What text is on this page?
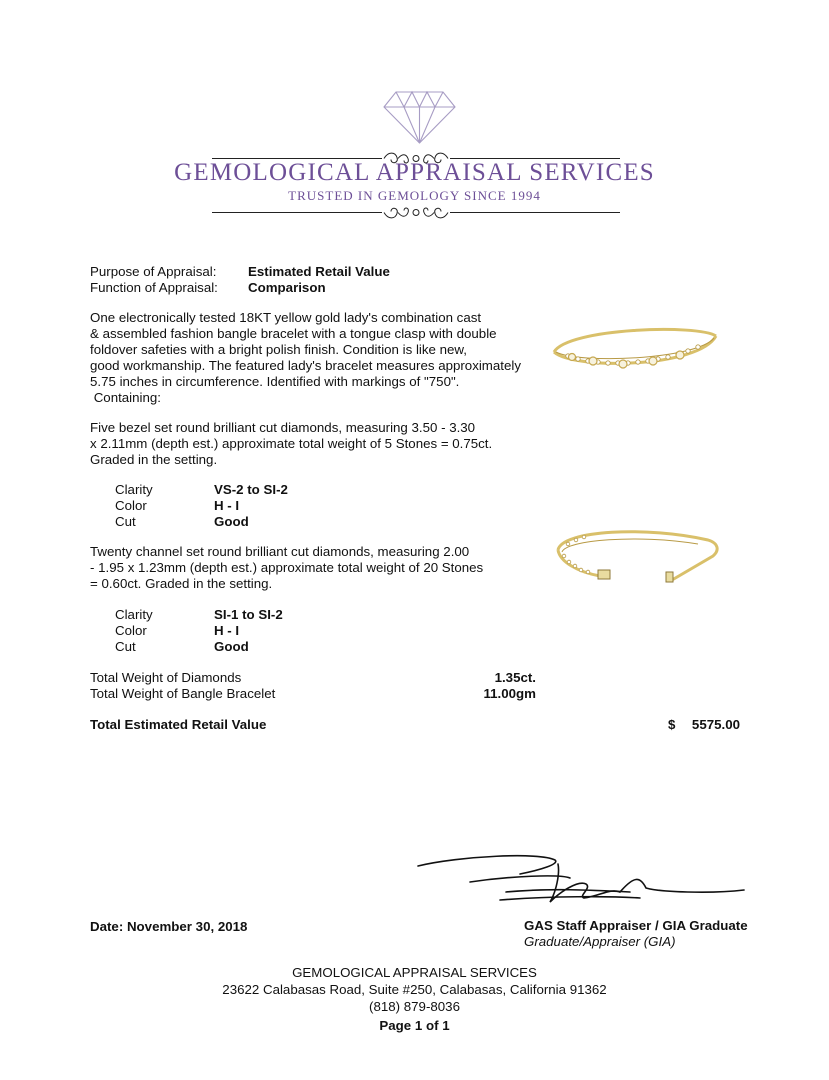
GEMOLOGICAL APPRAISAL SERVICES
TRUSTED IN GEMOLOGY SINCE 1994
Purpose of Appraisal: Estimated Retail Value
Function of Appraisal: Comparison
One electronically tested 18KT yellow gold lady's combination cast
& assembled fashion bangle bracelet with a tongue clasp with double
foldover safeties with a bright polish finish. Condition is like new,
good workmanship. The featured lady's bracelet measures approximately
5.75 inches in circumference. Identified with markings of "750".
Containing:
Five bezel set round brilliant cut diamonds, measuring 3.50 - 3.30
x 2.11mm (depth est.) approximate total weight of 5 Stones = 0.75ct.
Graded in the setting.
Clarity	VS-2 to SI-2
Color	H - I
Cut	Good
Twenty channel set round brilliant cut diamonds, measuring 2.00
- 1.95 x 1.23mm (depth est.) approximate total weight of 20 Stones
= 0.60ct. Graded in the setting.
Clarity	SI-1 to SI-2
Color	H - I
Cut	Good
Total Weight of Diamonds	1.35ct.
Total Weight of Bangle Bracelet	11.00gm
Total Estimated Retail Value	$	5575.00
Date: November 30, 2018	GAS Staff Appraiser / GIA Graduate
Graduate/Appraiser (GIA)
GEMOLOGICAL APPRAISAL SERVICES
23622 Calabasas Road, Suite #250, Calabasas, California 91362
(818) 879-8036
Page 1 of 1
